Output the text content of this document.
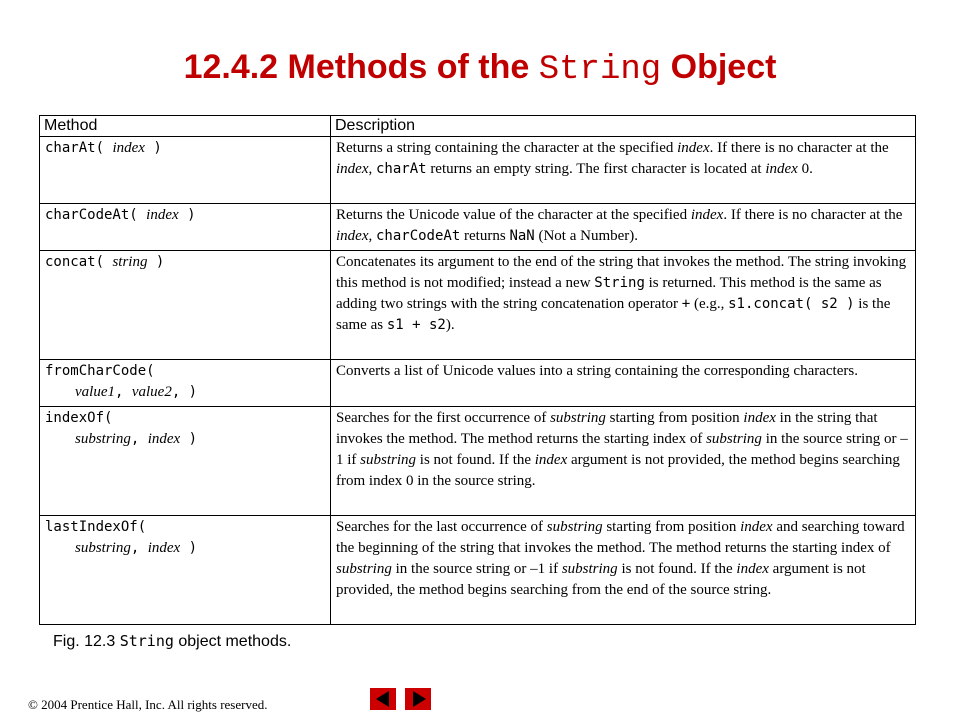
12.4.2 Methods of the String Object
Method	Description
charAt( index )	Returns a string containing the character at the specified index. If there is no character at the index, charAt returns an empty string. The first character is located at index 0.
charCodeAt( index )	Returns the Unicode value of the character at the specified index. If there is no character at the index, charCodeAt returns NaN (Not a Number).
concat( string )	Concatenates its argument to the end of the string that invokes the method. The string invoking this method is not modified; instead a new String is returned. This method is the same as adding two strings with the string concatenation operator + (e.g., s1.concat( s2 ) is the same as s1 + s2).
fromCharCode(
value1, value2, )	Converts a list of Unicode values into a string containing the corresponding characters.
indexOf(
substring, index )	Searches for the first occurrence of substring starting from position index in the string that invokes the method. The method returns the starting index of substring in the source string or –1 if substring is not found. If the index argument is not provided, the method begins searching from index 0 in the source string.
lastIndexOf(
substring, index )	Searches for the last occurrence of substring starting from position index and searching toward the beginning of the string that invokes the method. The method returns the starting index of substring in the source string or –1 if substring is not found. If the index argument is not provided, the method begins searching from the end of the source string.
Fig. 12.3 String object methods.
© 2004 Prentice Hall, Inc. All rights reserved.
